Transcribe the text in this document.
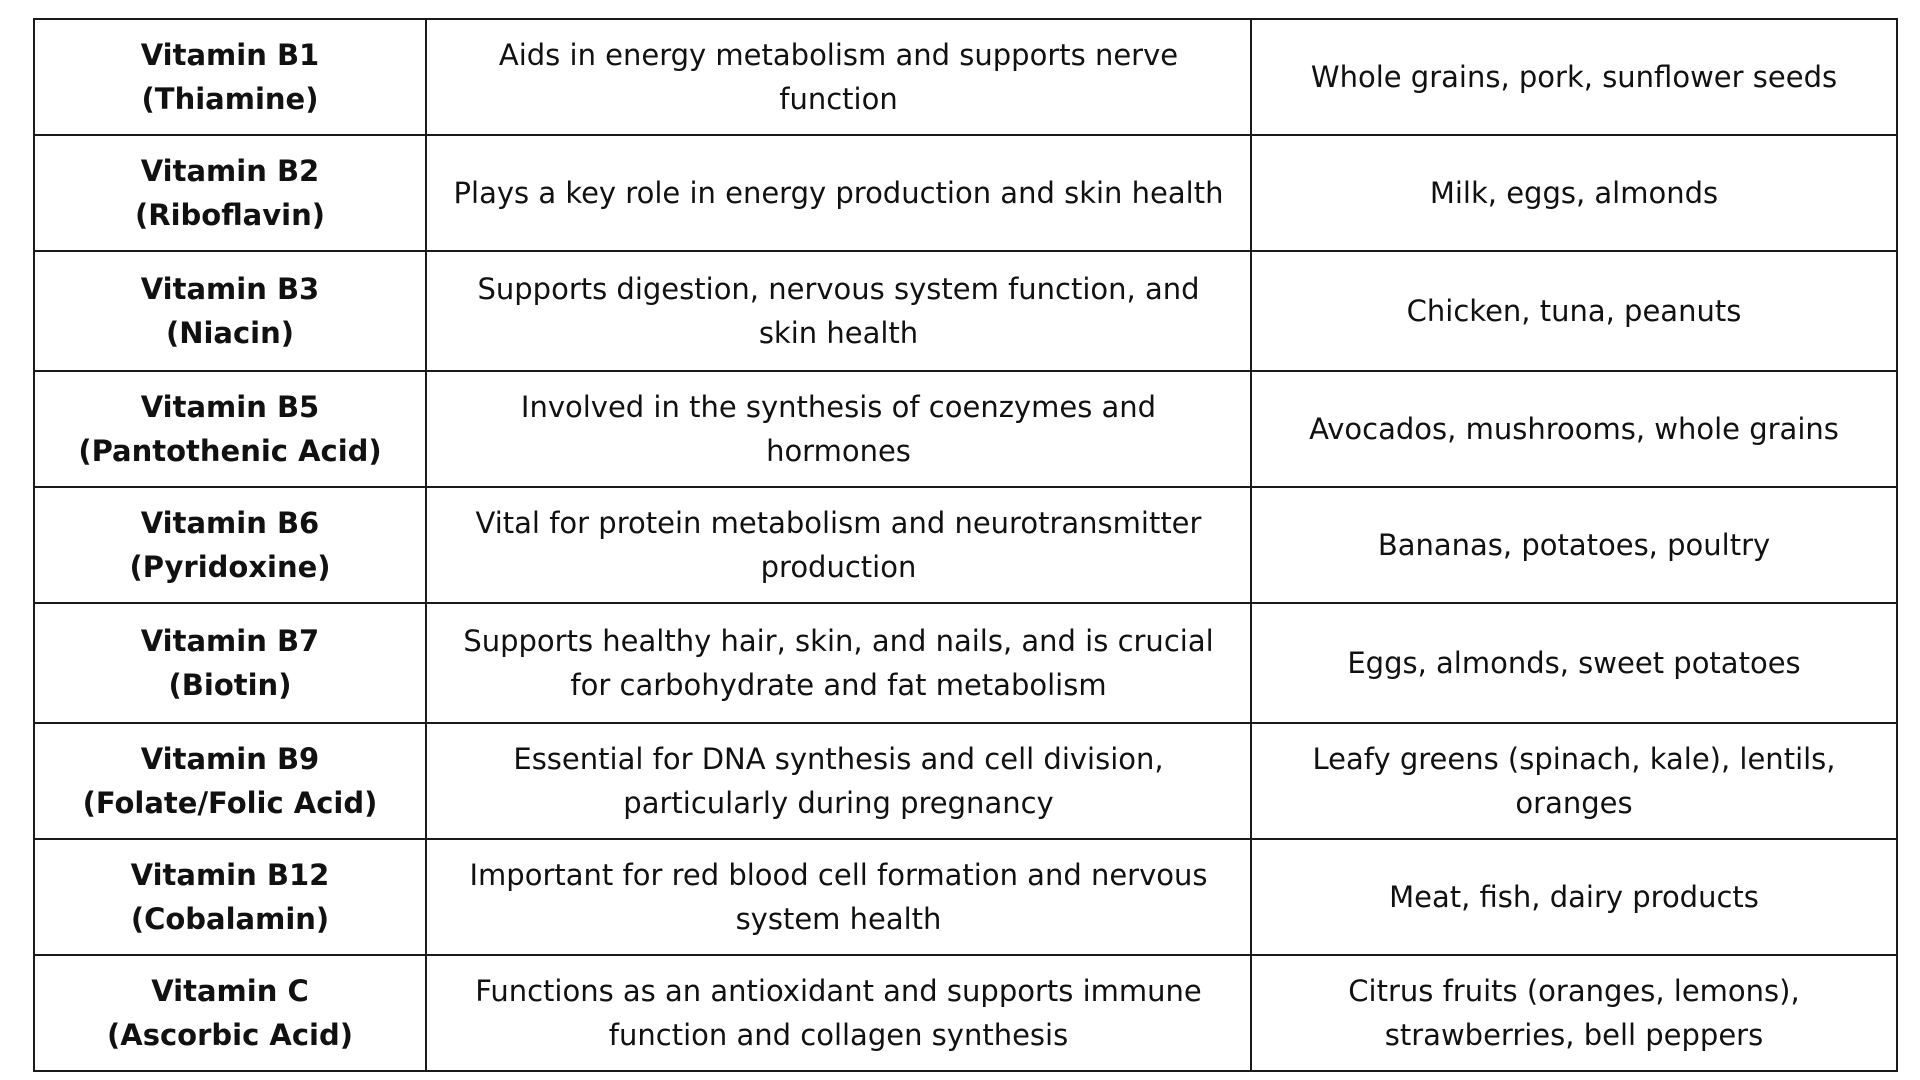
Vitamin B1
(Thiamine)	Aids in energy metabolism and supports nerve function	Whole grains, pork, sunflower seeds

Vitamin B2
(Riboflavin)	Plays a key role in energy production and skin health	Milk, eggs, almonds

Vitamin B3
(Niacin)	Supports digestion, nervous system function, and skin health	Chicken, tuna, peanuts

Vitamin B5
(Pantothenic Acid)	Involved in the synthesis of coenzymes and hormones	Avocados, mushrooms, whole grains

Vitamin B6
(Pyridoxine)	Vital for protein metabolism and neurotransmitter production	Bananas, potatoes, poultry

Vitamin B7
(Biotin)	Supports healthy hair, skin, and nails, and is crucial for carbohydrate and fat metabolism	Eggs, almonds, sweet potatoes

Vitamin B9
(Folate/Folic Acid)	Essential for DNA synthesis and cell division, particularly during pregnancy	Leafy greens (spinach, kale), lentils, oranges

Vitamin B12
(Cobalamin)	Important for red blood cell formation and nervous system health	Meat, fish, dairy products

Vitamin C
(Ascorbic Acid)	Functions as an antioxidant and supports immune function and collagen synthesis	Citrus fruits (oranges, lemons), strawberries, bell peppers
